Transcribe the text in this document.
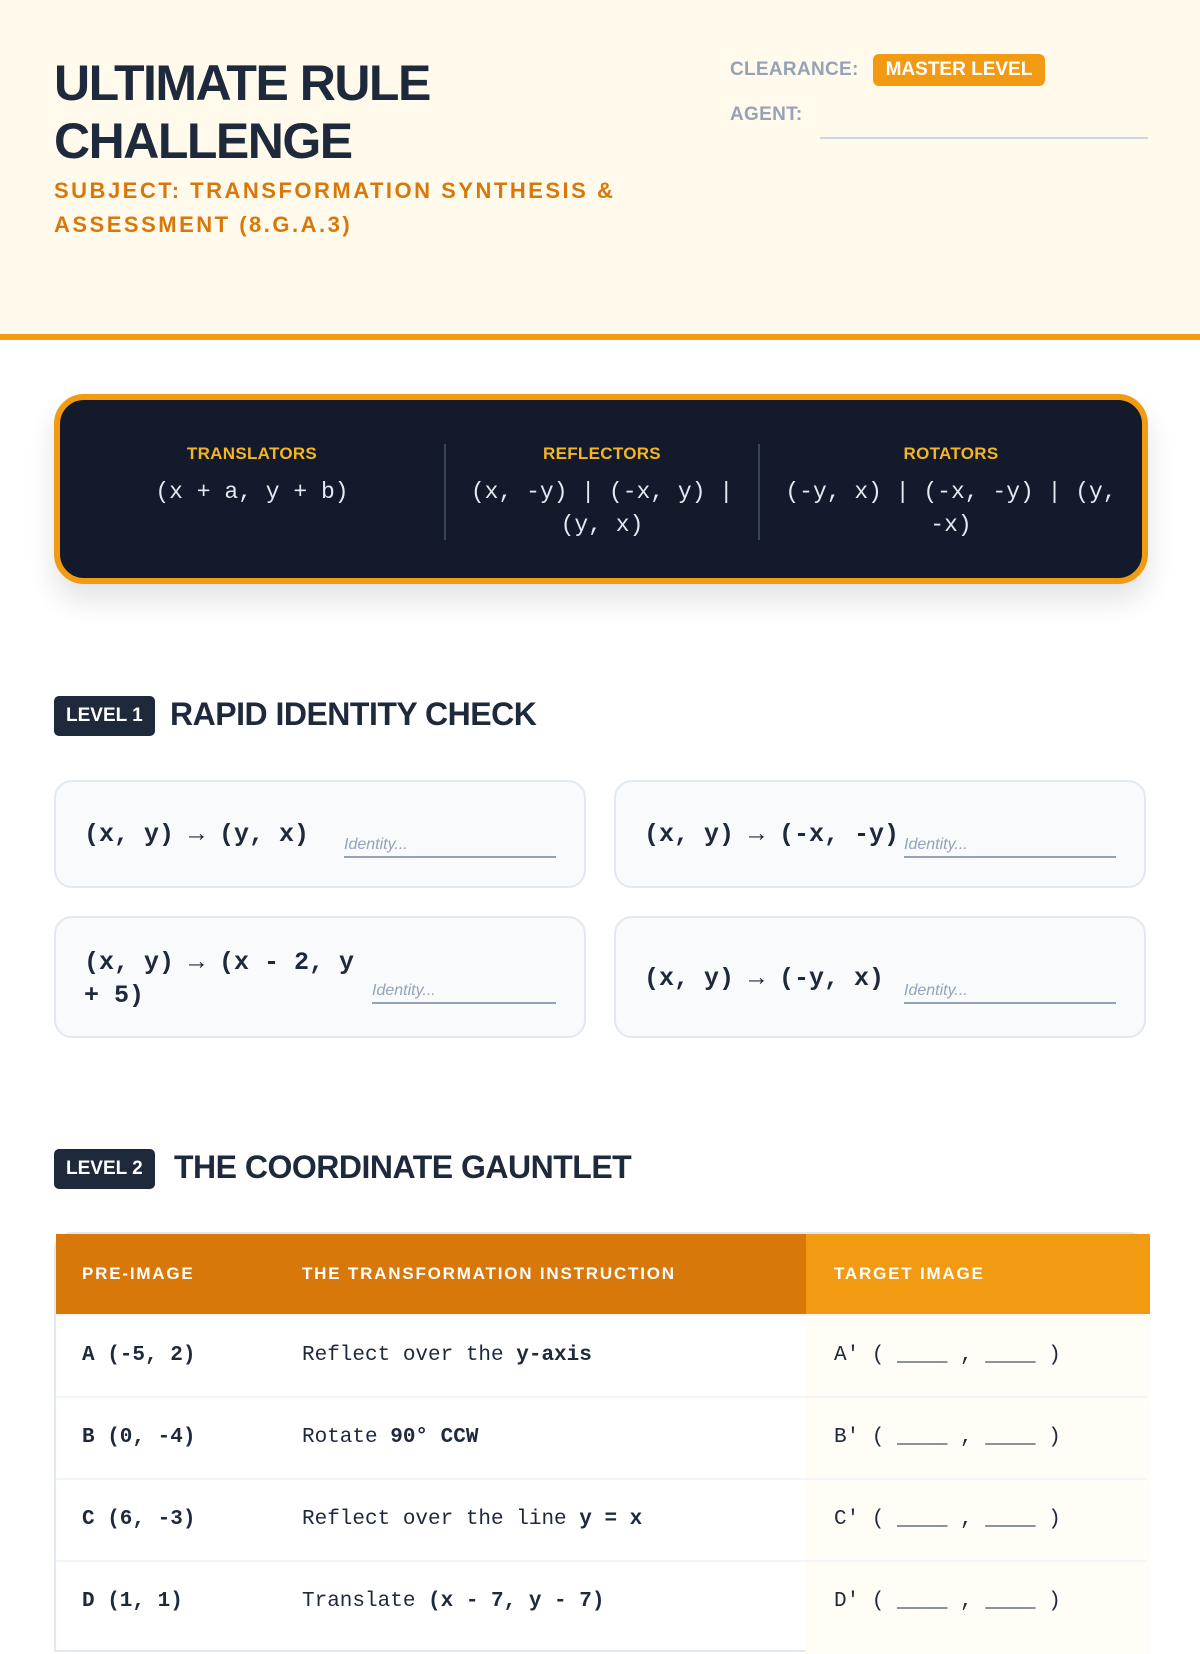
ULTIMATE RULE CHALLENGE
SUBJECT: TRANSFORMATION SYNTHESIS & ASSESSMENT (8.G.A.3)
CLEARANCE:	MASTER LEVEL
AGENT:
TRANSLATORS
(x + a, y + b)
REFLECTORS
(x, -y) | (-x, y) | (y, x)
ROTATORS
(-y, x) | (-x, -y) | (y, -x)
LEVEL 1 RAPID IDENTITY CHECK
(x, y) → (y, x) Identity...	(x, y) → (-x, -y) Identity...
(x, y) → (x - 2, y + 5)	Identity...	(x, y) → (-y, x) Identity...
LEVEL 2 THE COORDINATE GAUNTLET
PRE-IMAGE	THE TRANSFORMATION INSTRUCTION	TARGET IMAGE
A (-5, 2)	Reflect over the y-axis	A' ( ____ , ____ )
B (0, -4)	Rotate 90° CCW	B' ( ____ , ____ )
C (6, -3)	Reflect over the line y = x	C' ( ____ , ____ )
D (1, 1)	Translate (x - 7, y - 7)	D' ( ____ , ____ )
